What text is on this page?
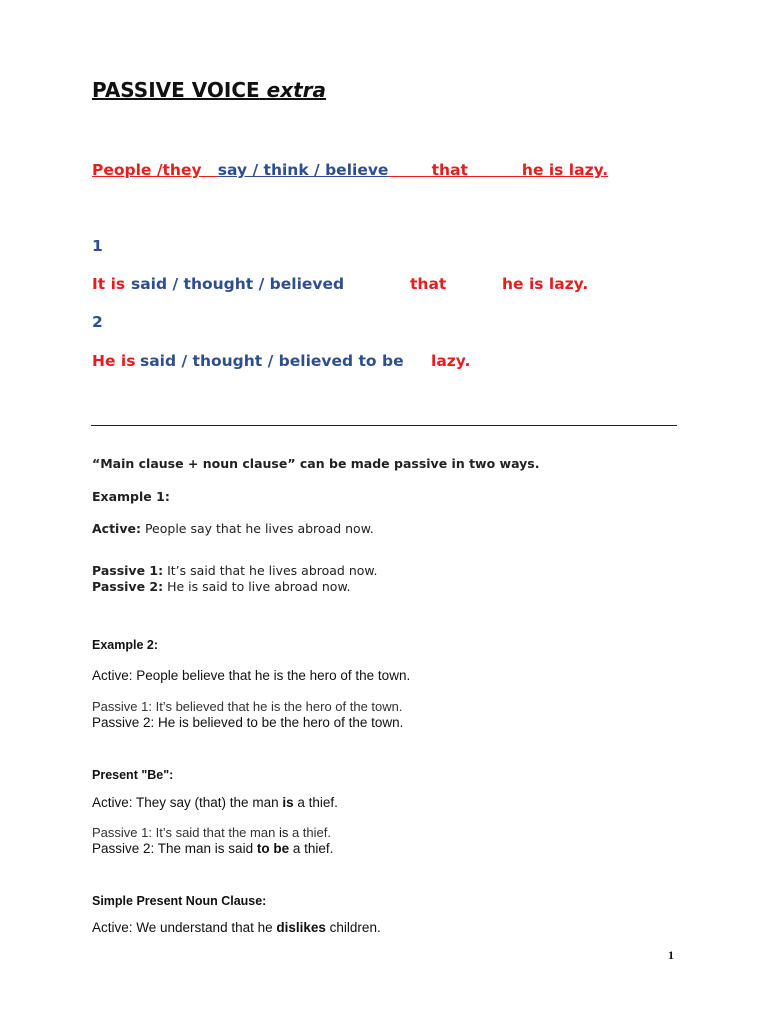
PASSIVE VOICE extra
People /they say / think / believe	that	he is lazy.
1
It is said / thought / believed	that	he is lazy.
2
He is said / thought / believed to be lazy.
“Main clause + noun clause” can be made passive in two ways.
Example 1:
Active: People say that he lives abroad now.
Passive 1: It’s said that he lives abroad now.
Passive 2: He is said to live abroad now.
Example 2:
Active: People believe that he is the hero of the town.
Passive 1: It’s believed that he is the hero of the town.
Passive 2: He is believed to be the hero of the town.
Present "Be":
Active: They say (that) the man is a thief.
Passive 1: It’s said that the man is a thief.
Passive 2: The man is said to be a thief.
Simple Present Noun Clause:
Active: We understand that he dislikes children.
1
